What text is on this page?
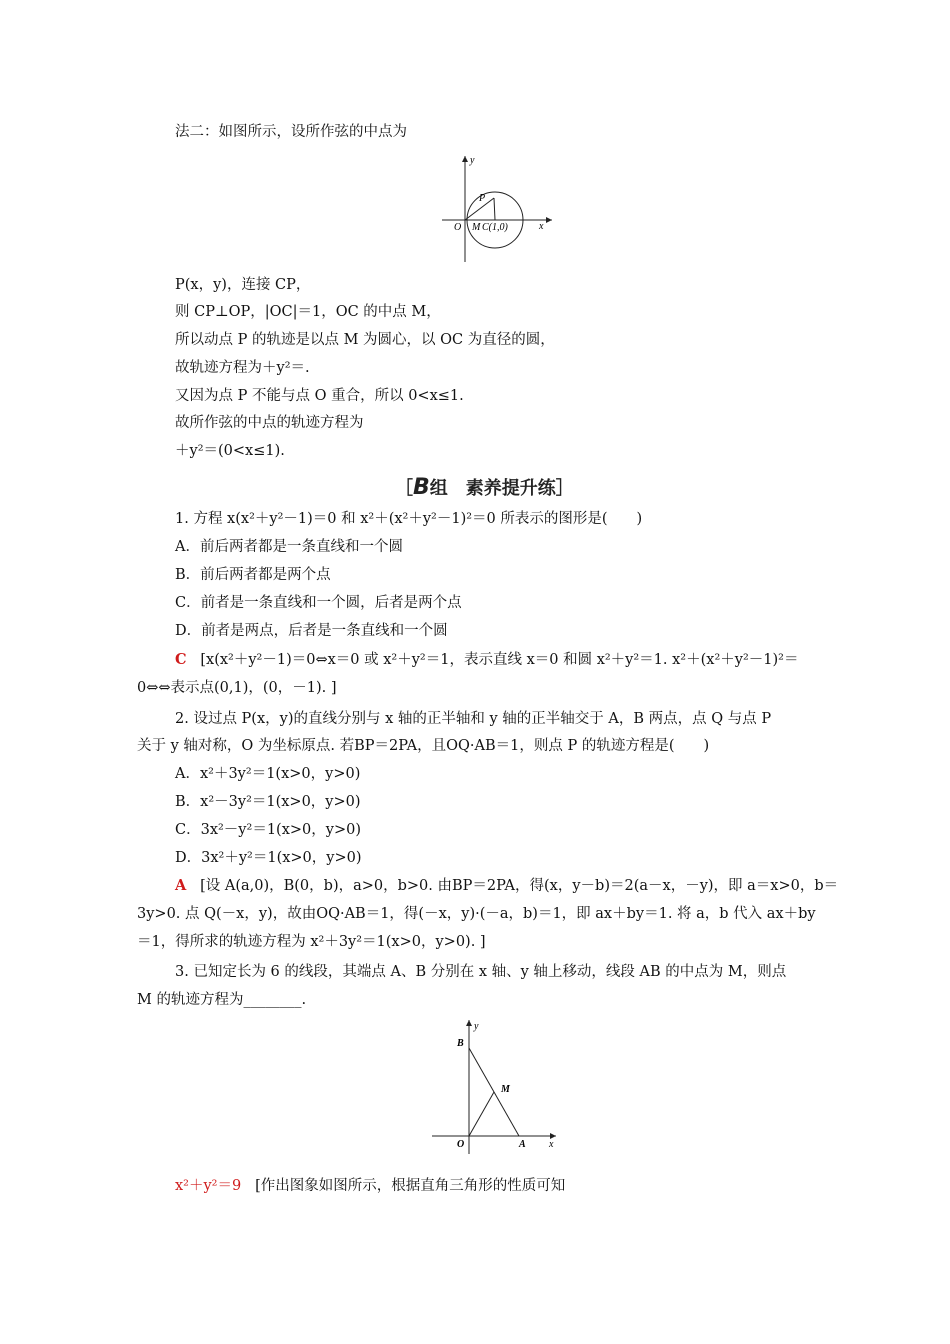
法二：如图所示，设所作弦的中点为
y
x
O
P
M C(1,0)
P(x，y)，连接 CP，
则 CP⊥OP，|OC|＝1，OC 的中点 M，
所以动点 P 的轨迹是以点 M 为圆心，以 OC 为直径的圆，
故轨迹方程为＋y²＝.
又因为点 P 不能与点 O 重合，所以 0<x≤1.
故所作弦的中点的轨迹方程为
＋y²＝(0<x≤1).
［B组　素养提升练］
1. 方程 x(x²＋y²－1)＝0 和 x²＋(x²＋y²－1)²＝0 所表示的图形是(　　)
A．前后两者都是一条直线和一个圆
B．前后两者都是两个点
C．前者是一条直线和一个圆，后者是两个点
D．前者是两点，后者是一条直线和一个圆
C [x(x²＋y²－1)＝0⇔x＝0 或 x²＋y²＝1，表示直线 x＝0 和圆 x²＋y²＝1. x²＋(x²＋y²－1)²＝
0⇔⇔表示点(0,1)，(0，－1). ]
2. 设过点 P(x，y)的直线分别与 x 轴的正半轴和 y 轴的正半轴交于 A，B 两点，点 Q 与点 P
关于 y 轴对称，O 为坐标原点. 若BP＝2PA，且OQ·AB＝1，则点 P 的轨迹方程是(　　)
A．x²＋3y²＝1(x>0，y>0)
B．x²－3y²＝1(x>0，y>0)
C．3x²－y²＝1(x>0，y>0)
D．3x²＋y²＝1(x>0，y>0)
A [设 A(a,0)，B(0，b)，a>0，b>0. 由BP＝2PA，得(x，y－b)＝2(a－x，－y)，即 a＝x>0，b＝
3y>0. 点 Q(－x，y)，故由OQ·AB＝1，得(－x，y)·(－a，b)＝1，即 ax＋by＝1. 将 a，b 代入 ax＋by
＝1，得所求的轨迹方程为 x²＋3y²＝1(x>0，y>0). ]
3. 已知定长为 6 的线段，其端点 A、B 分别在 x 轴、y 轴上移动，线段 AB 的中点为 M，则点
M 的轨迹方程为________.
y
x
O	A
B
M
x²＋y²＝9 [作出图象如图所示，根据直角三角形的性质可知
